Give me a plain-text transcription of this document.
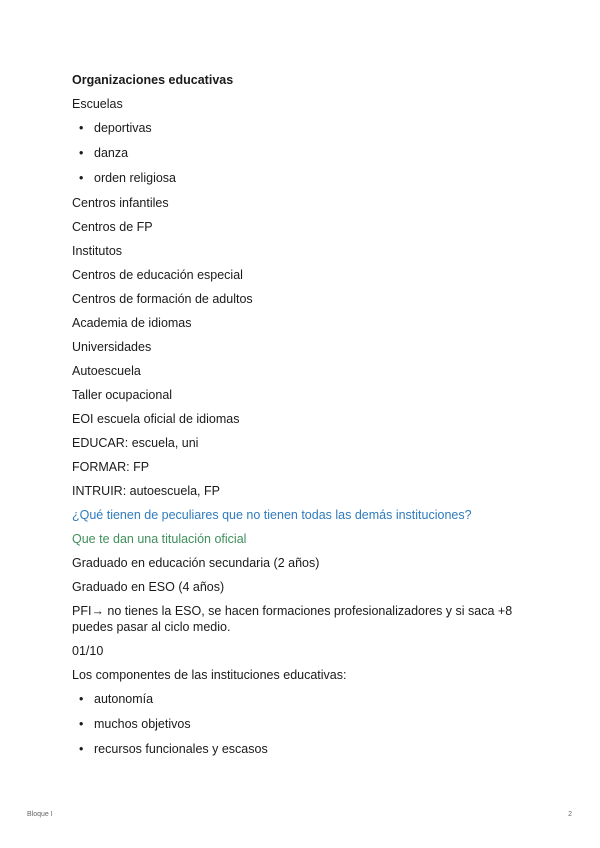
Organizaciones educativas

Escuelas

• deportivas
• danza
• orden religiosa

Centros infantiles

Centros de FP

Institutos

Centros de educación especial

Centros de formación de adultos

Academia de idiomas

Universidades

Autoescuela

Taller ocupacional

EOI escuela oficial de idiomas

EDUCAR: escuela, uni

FORMAR: FP

INTRUIR: autoescuela, FP

¿Qué tienen de peculiares que no tienen todas las demás instituciones?

Que te dan una titulación oficial

Graduado en educación secundaria (2 años)

Graduado en ESO (4 años)

PFI→ no tienes la ESO, se hacen formaciones profesionalizadores y si saca +8 puedes pasar al ciclo medio.

01/10

Los componentes de las instituciones educativas:

• autonomía
• muchos objetivos
• recursos funcionales y escasos
Bloque I	2
